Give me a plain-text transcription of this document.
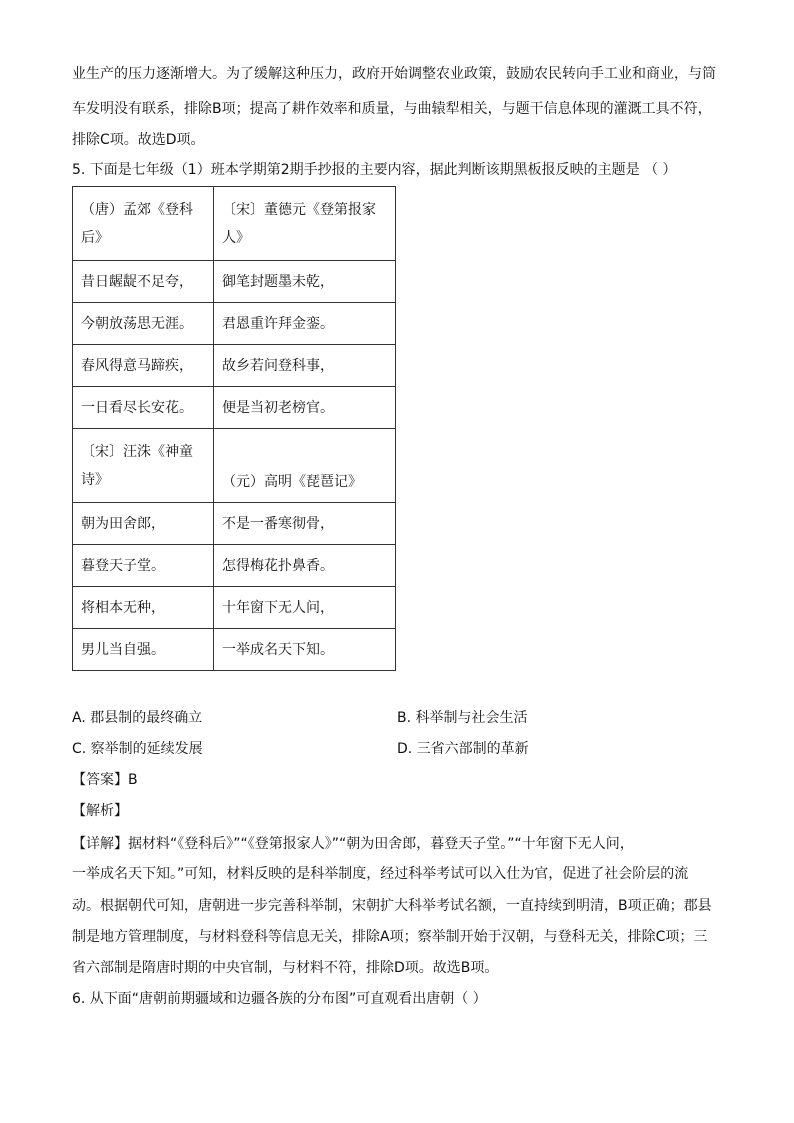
业生产的压力逐渐增大。为了缓解这种压力，政府开始调整农业政策，鼓励农民转向手工业和商业，与筒
车发明没有联系，排除B项；提高了耕作效率和质量，与曲辕犁相关，与题干信息体现的灌溉工具不符，
排除C项。故选D项。
5. 下面是七年级（1）班本学期第2期手抄报的主要内容，据此判断该期黑板报反映的主题是 （ ）
（唐）孟郊《登科后》	〔宋〕董德元《登第报家人》
昔日龌龊不足夸，	御笔封题墨未乾，
今朝放荡思无涯。	君恩重许拜金銮。
春风得意马蹄疾，	故乡若问登科事，
一日看尽长安花。	便是当初老榜官。
〔宋〕汪洙《神童诗》	（元）高明《琵琶记》
朝为田舍郎，	不是一番寒彻骨，
暮登天子堂。	怎得梅花扑鼻香。
将相本无种，	十年窗下无人问，
男儿当自强。	一举成名天下知。
A. 郡县制的最终确立	B. 科举制与社会生活
C. 察举制的延续发展	D. 三省六部制的革新
【答案】B
【解析】
【详解】据材料“《登科后》”“《登第报家人》”“朝为田舍郎，暮登天子堂。”“十年窗下无人问，
一举成名天下知。”可知，材料反映的是科举制度，经过科举考试可以入仕为官，促进了社会阶层的流
动。根据朝代可知，唐朝进一步完善科举制，宋朝扩大科举考试名额，一直持续到明清，B项正确；郡县
制是地方管理制度，与材料登科等信息无关，排除A项；察举制开始于汉朝，与登科无关，排除C项；三
省六部制是隋唐时期的中央官制，与材料不符，排除D项。故选B项。
6. 从下面“唐朝前期疆域和边疆各族的分布图”可直观看出唐朝（ ）
